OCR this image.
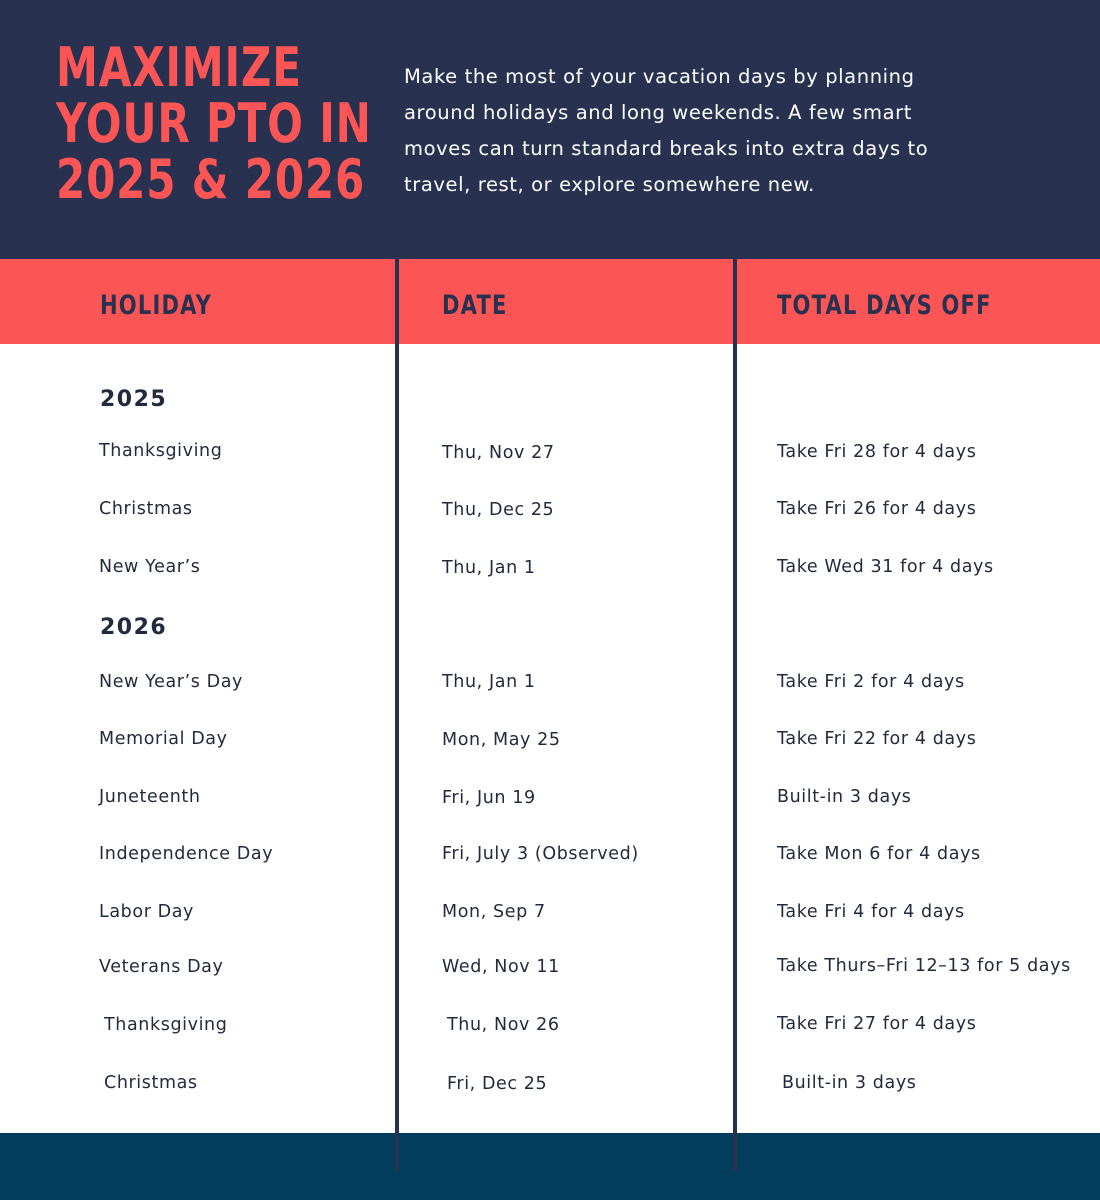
MAXIMIZE
YOUR PTO IN
2025 & 2026

Make the most of your vacation days by planning around holidays and long weekends. A few smart moves can turn standard breaks into extra days to travel, rest, or explore somewhere new.

HOLIDAY	DATE	TOTAL DAYS OFF
2025
Thanksgiving	Thu, Nov 27	Take Fri 28 for 4 days
Christmas	Thu, Dec 25	Take Fri 26 for 4 days
New Year’s	Thu, Jan 1	Take Wed 31 for 4 days
2026
New Year’s Day	Thu, Jan 1	Take Fri 2 for 4 days
Memorial Day	Mon, May 25	Take Fri 22 for 4 days
Juneteenth	Fri, Jun 19	Built-in 3 days
Independence Day	Fri, July 3 (Observed)	Take Mon 6 for 4 days
Labor Day	Mon, Sep 7	Take Fri 4 for 4 days
Veterans Day	Wed, Nov 11	Take Thurs–Fri 12–13 for 5 days
Thanksgiving	Thu, Nov 26	Take Fri 27 for 4 days
Christmas	Fri, Dec 25	Built-in 3 days
